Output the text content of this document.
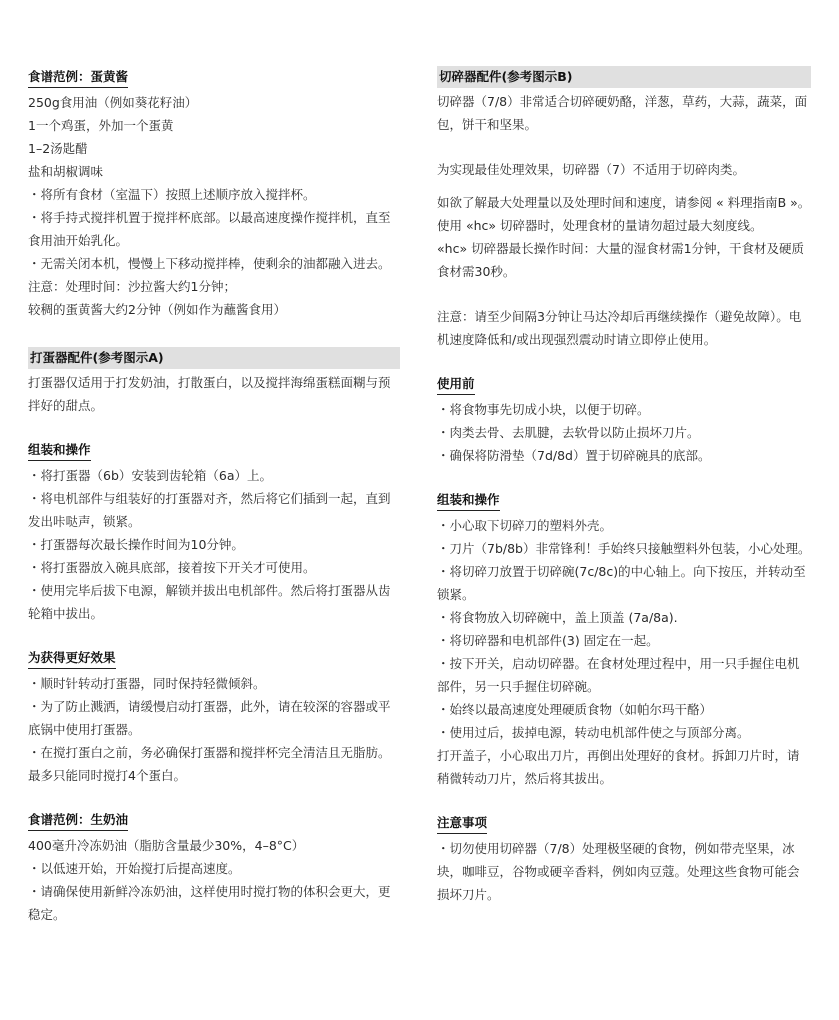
食谱范例：蛋黄酱

250g食用油（例如葵花籽油）

1一个鸡蛋，外加一个蛋黄

1–2汤匙醋

盐和胡椒调味

・将所有食材（室温下）按照上述顺序放入搅拌杯。

・将手持式搅拌机置于搅拌杯底部。以最高速度操作搅拌机，直至食用油开始乳化。

・无需关闭本机，慢慢上下移动搅拌棒，使剩余的油都融入进去。

注意：处理时间：沙拉酱大约1分钟；

较稠的蛋黄酱大约2分钟（例如作为蘸酱食用）

打蛋器配件(参考图示A)

打蛋器仅适用于打发奶油，打散蛋白，以及搅拌海绵蛋糕面糊与预拌好的甜点。

组装和操作

・将打蛋器（6b）安装到齿轮箱（6a）上。

・将电机部件与组装好的打蛋器对齐，然后将它们插到一起，直到发出咔哒声，锁紧。

・打蛋器每次最长操作时间为10分钟。

・将打蛋器放入碗具底部，接着按下开关才可使用。

・使用完毕后拔下电源，解锁并拔出电机部件。然后将打蛋器从齿轮箱中拔出。

为获得更好效果

・顺时针转动打蛋器，同时保持轻微倾斜。

・为了防止溅洒，请缓慢启动打蛋器，此外，请在较深的容器或平底锅中使用打蛋器。

・在搅打蛋白之前，务必确保打蛋器和搅拌杯完全清洁且无脂肪。最多只能同时搅打4个蛋白。

食谱范例：生奶油

400毫升冷冻奶油（脂肪含量最少30%，4–8°C）

・以低速开始，开始搅打后提高速度。

・请确保使用新鲜冷冻奶油，这样使用时搅打物的体积会更大，更稳定。

切碎器配件(参考图示B)

切碎器（7/8）非常适合切碎硬奶酪，洋葱，草药，大蒜，蔬菜，面包，饼干和坚果。

为实现最佳处理效果，切碎器（7）不适用于切碎肉类。

如欲了解最大处理量以及处理时间和速度，请参阅 « 料理指南B »。

使用 «hc» 切碎器时，处理食材的量请勿超过最大刻度线。

«hc» 切碎器最长操作时间：大量的湿食材需1分钟，干食材及硬质食材需30秒。

注意：请至少间隔3分钟让马达冷却后再继续操作（避免故障）。电机速度降低和/或出现强烈震动时请立即停止使用。

使用前

・将食物事先切成小块，以便于切碎。

・肉类去骨、去肌腱，去软骨以防止损坏刀片。

・确保将防滑垫（7d/8d）置于切碎碗具的底部。

组装和操作

・小心取下切碎刀的塑料外壳。

・刀片（7b/8b）非常锋利！手始终只接触塑料外包装，小心处理。

・将切碎刀放置于切碎碗(7c/8c)的中心轴上。向下按压，并转动至锁紧。

・将食物放入切碎碗中，盖上顶盖 (7a/8a).

・将切碎器和电机部件(3) 固定在一起。

・按下开关，启动切碎器。在食材处理过程中，用一只手握住电机部件，另一只手握住切碎碗。

・始终以最高速度处理硬质食物（如帕尔玛干酪）

・使用过后，拔掉电源，转动电机部件使之与顶部分离。

打开盖子，小心取出刀片，再倒出处理好的食材。拆卸刀片时，请稍微转动刀片，然后将其拔出。

注意事项

・切勿使用切碎器（7/8）处理极坚硬的食物，例如带壳坚果，冰块，咖啡豆，谷物或硬辛香料，例如肉豆蔻。处理这些食物可能会损坏刀片。
